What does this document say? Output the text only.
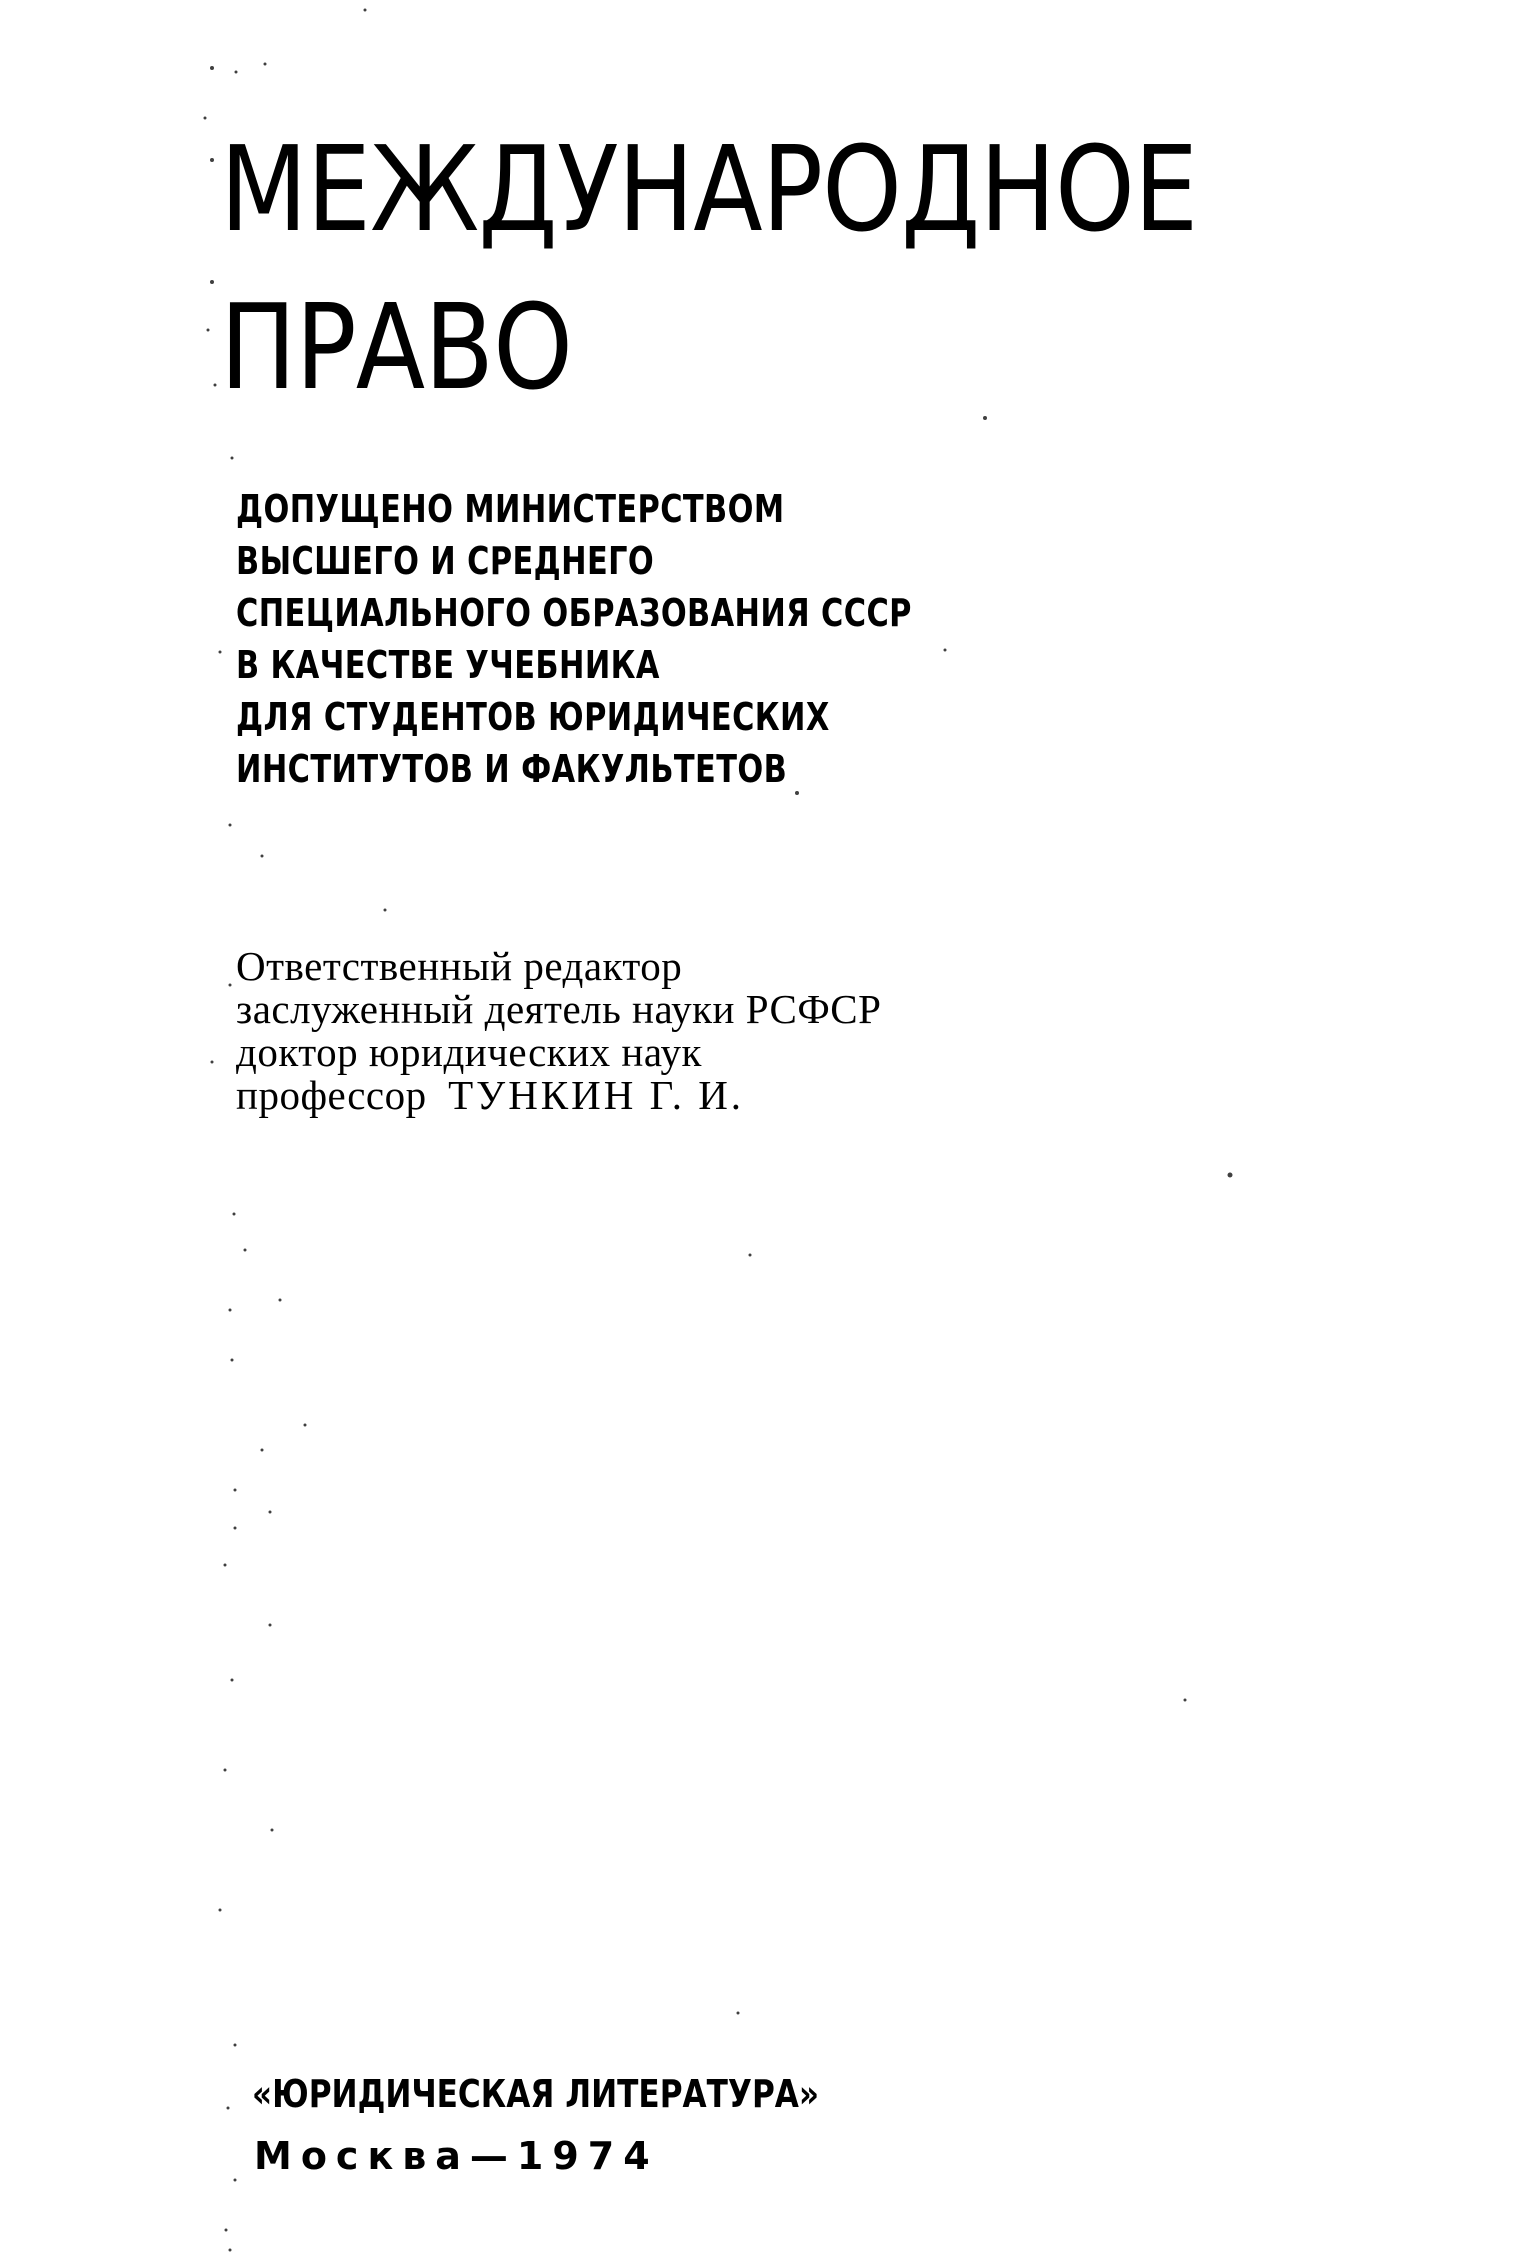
МЕЖДУНАРОДНОЕ
ПРАВО
ДОПУЩЕНО МИНИСТЕРСТВОМ
ВЫСШЕГО И СРЕДНЕГО
СПЕЦИАЛЬНОГО ОБРАЗОВАНИЯ СССР
В КАЧЕСТВЕ УЧЕБНИКА
ДЛЯ СТУДЕНТОВ ЮРИДИЧЕСКИХ
ИНСТИТУТОВ И ФАКУЛЬТЕТОВ
Ответственный редактор
заслуженный деятель науки РСФСР
доктор юридических наук
профессор ТУНКИН Г. И.
«ЮРИДИЧЕСКАЯ ЛИТЕРАТУРА»
Москва—1974
